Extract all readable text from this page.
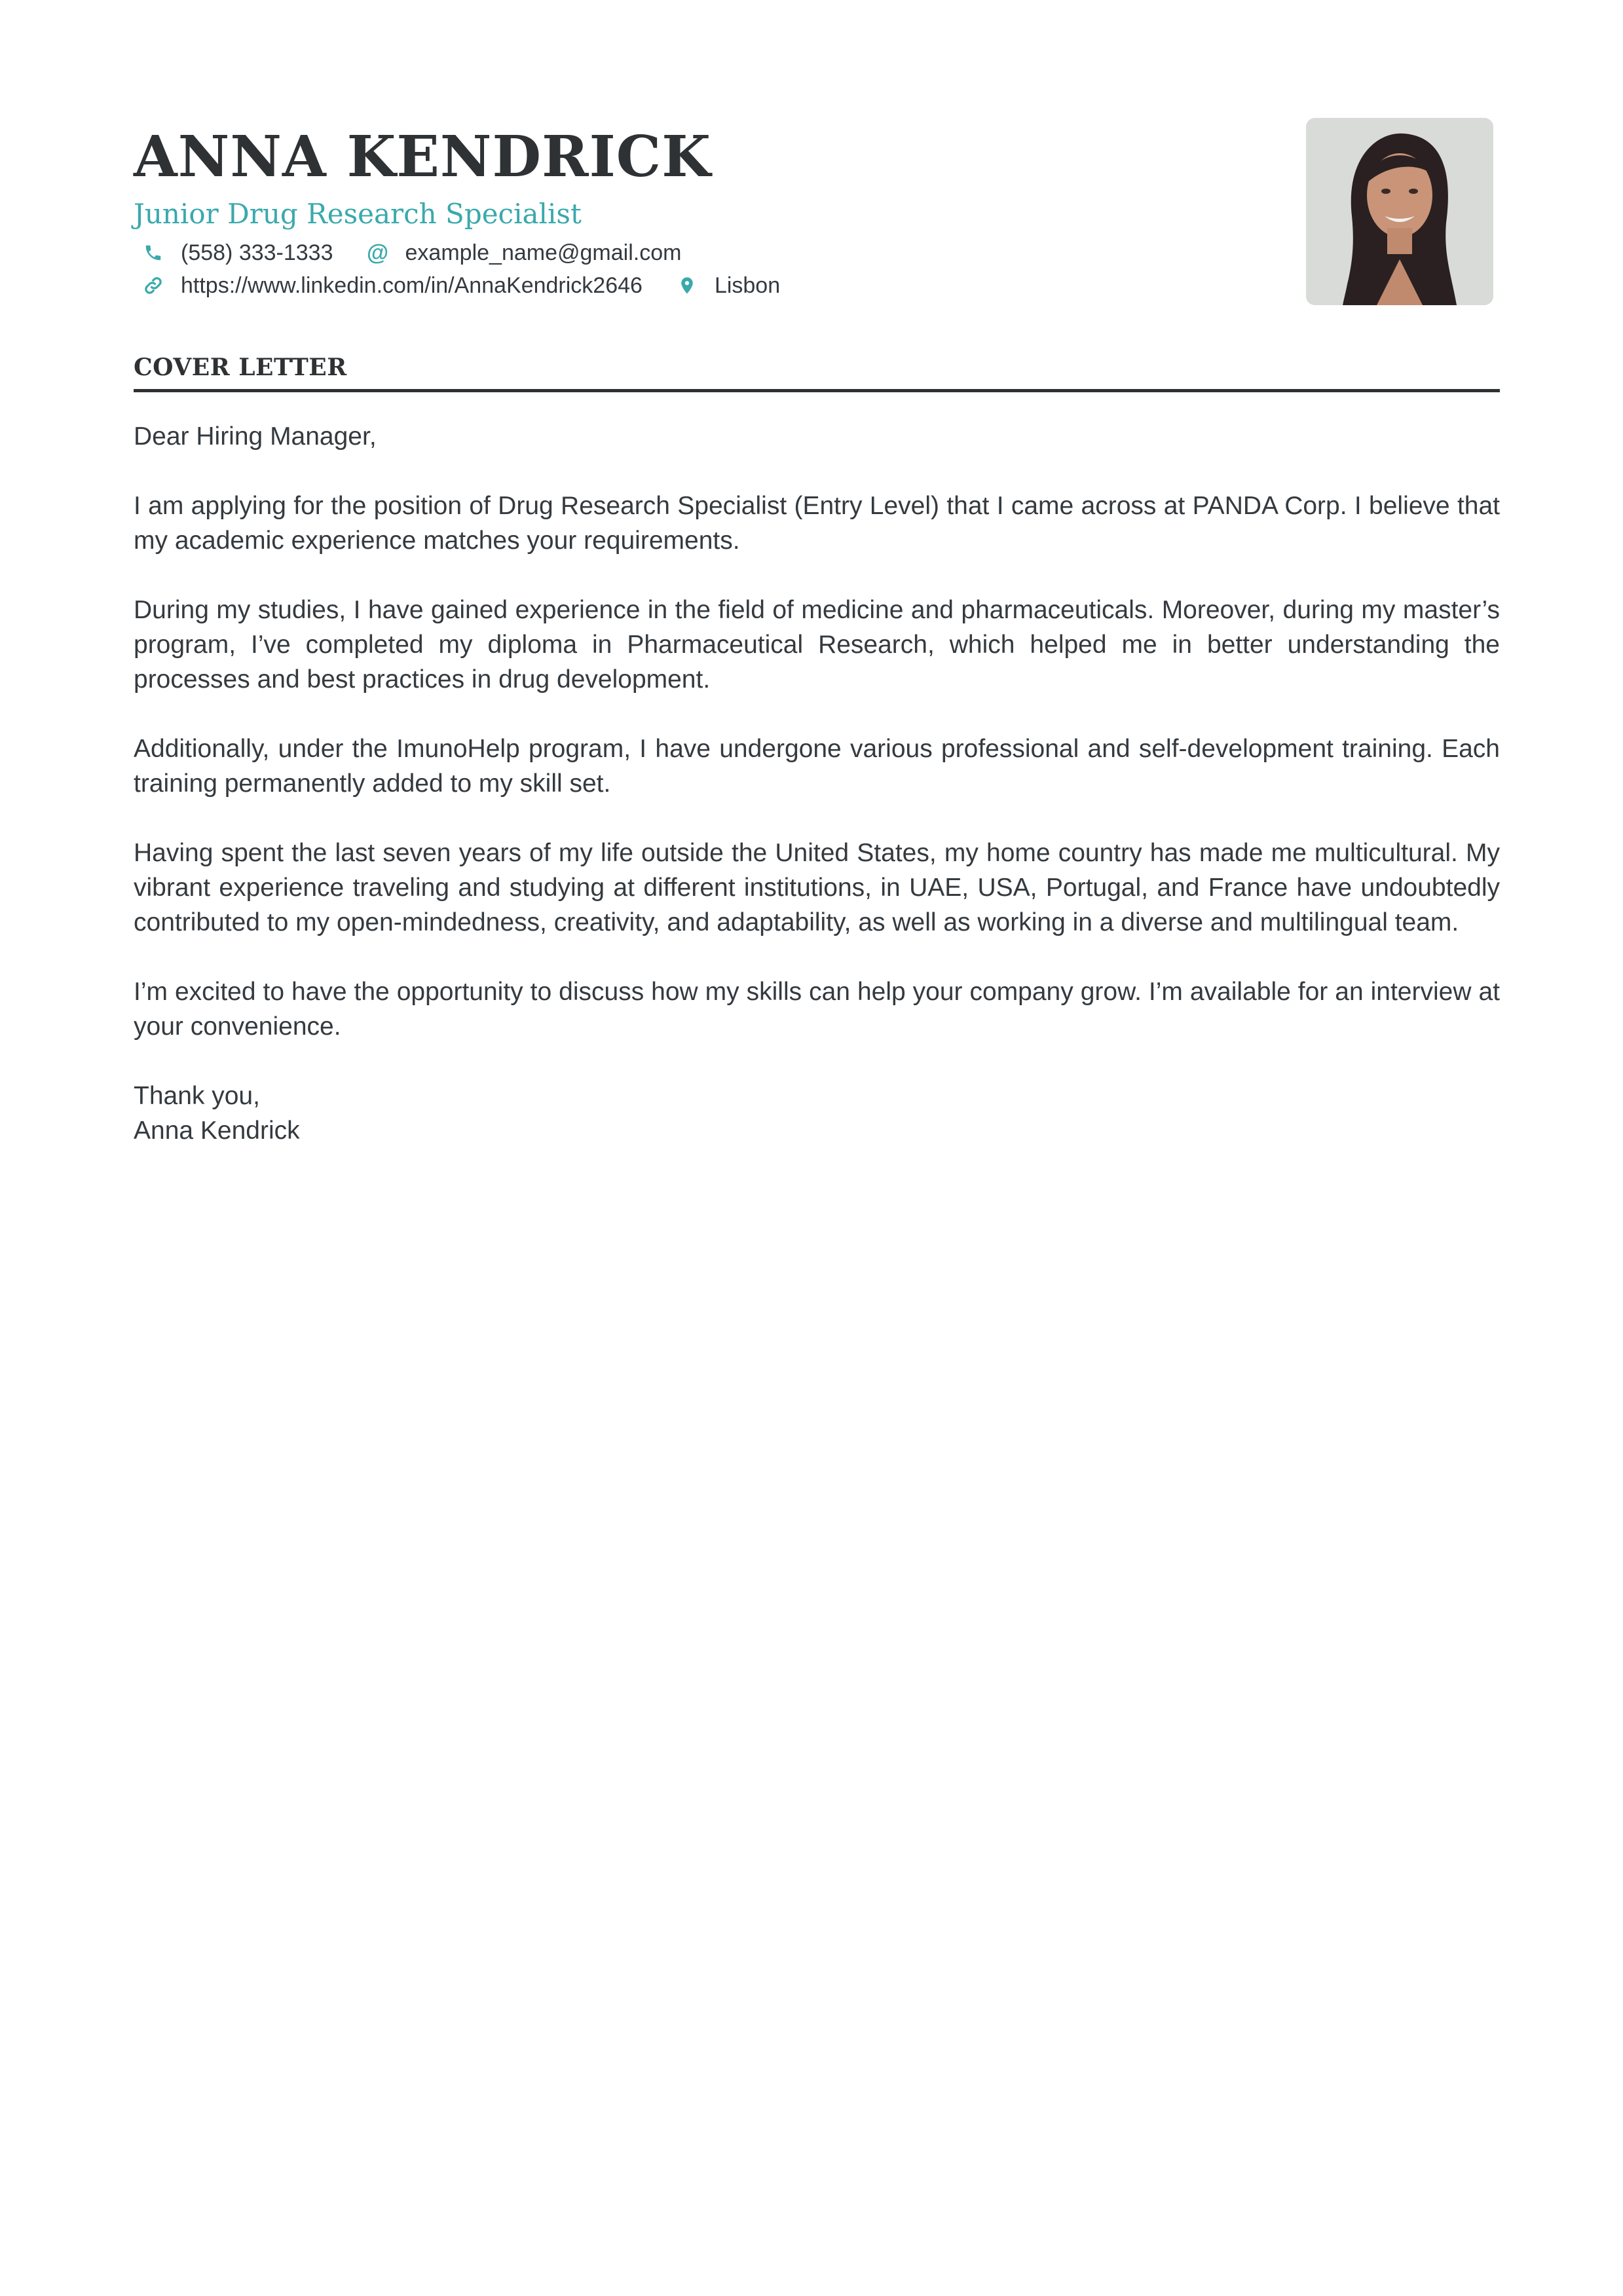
ANNA KENDRICK
Junior Drug Research Specialist
(558) 333-1333 @ example_name@gmail.com
https://www.linkedin.com/in/AnnaKendrick2646	Lisbon
COVER LETTER

Dear Hiring Manager,

I am applying for the position of Drug Research Specialist (Entry Level) that I came across at PANDA Corp. I believe that my academic experience matches your requirements.

During my studies, I have gained experience in the field of medicine and pharmaceuticals. Moreover, during my master’s program, I’ve completed my diploma in Pharmaceutical Research, which helped me in better understanding the processes and best practices in drug development.

Additionally, under the ImunoHelp program, I have undergone various professional and self-development training. Each training permanently added to my skill set.

Having spent the last seven years of my life outside the United States, my home country has made me multicultural. My vibrant experience traveling and studying at different institutions, in UAE, USA, Portugal, and France have undoubtedly contributed to my open-mindedness, creativity, and adaptability, as well as working in a diverse and multilingual team.

I’m excited to have the opportunity to discuss how my skills can help your company grow. I’m available for an interview at your convenience.

Thank you,

Anna Kendrick
